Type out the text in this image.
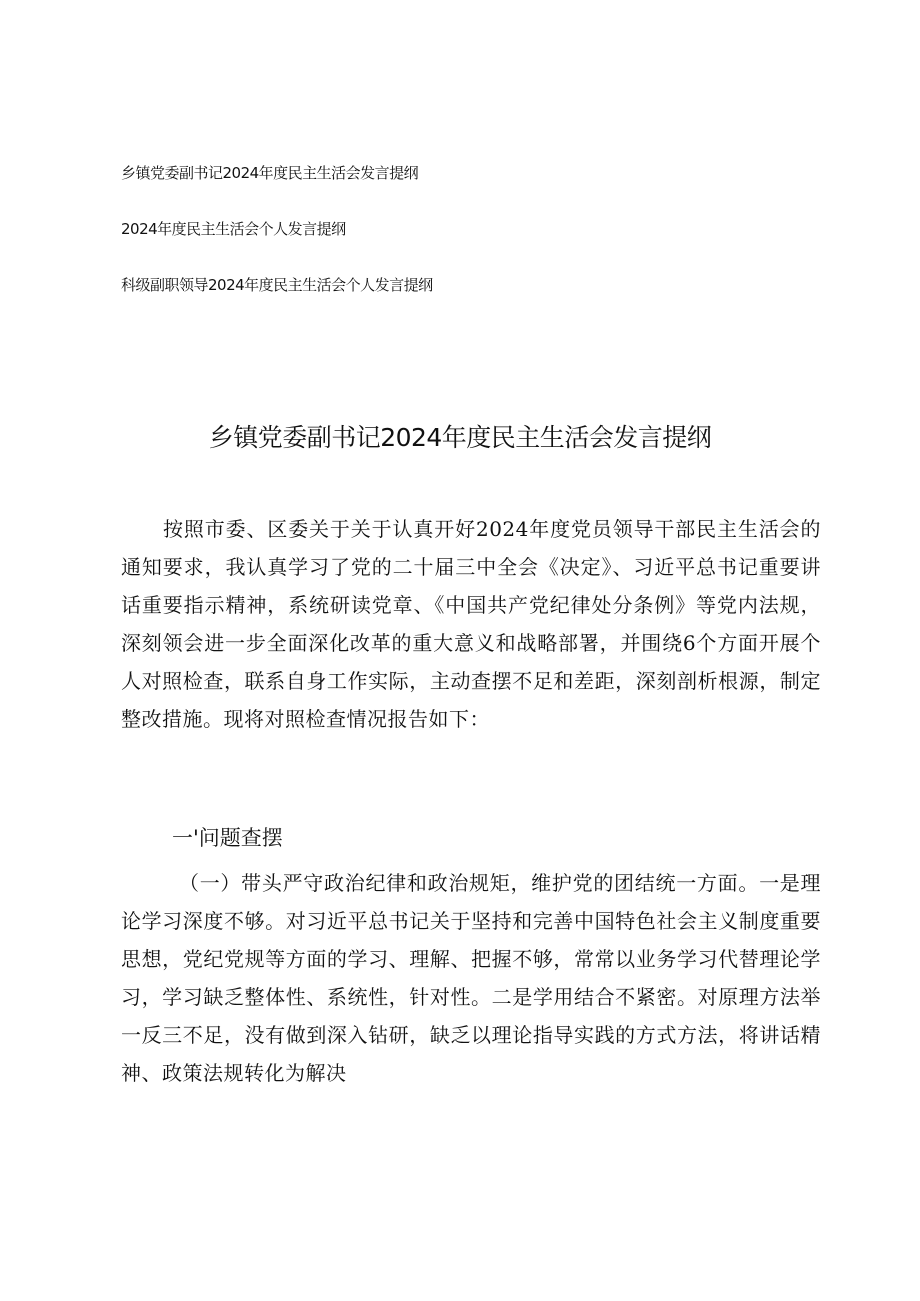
乡镇党委副书记2024年度民主生活会发言提纲
2024年度民主生活会个人发言提纲
科级副职领导2024年度民主生活会个人发言提纲
乡镇党委副书记2024年度民主生活会发言提纲
按照市委、区委关于关于认真开好2024年度党员领导干部民主生活会的通知要求，我认真学习了党的二十届三中全会《决定》、习近平总书记重要讲话重要指示精神，系统研读党章、《中国共产党纪律处分条例》等党内法规，深刻领会进一步全面深化改革的重大意义和战略部署，并围绕6个方面开展个人对照检查，联系自身工作实际，主动查摆不足和差距，深刻剖析根源，制定整改措施。现将对照检查情况报告如下：
一'问题查摆
（一）带头严守政治纪律和政治规矩，维护党的团结统一方面。一是理论学习深度不够。对习近平总书记关于坚持和完善中国特色社会主义制度重要思想，党纪党规等方面的学习、理解、把握不够，常常以业务学习代替理论学习，学习缺乏整体性、系统性，针对性。二是学用结合不紧密。对原理方法举一反三不足，没有做到深入钻研，缺乏以理论指导实践的方式方法，将讲话精神、政策法规转化为解决
